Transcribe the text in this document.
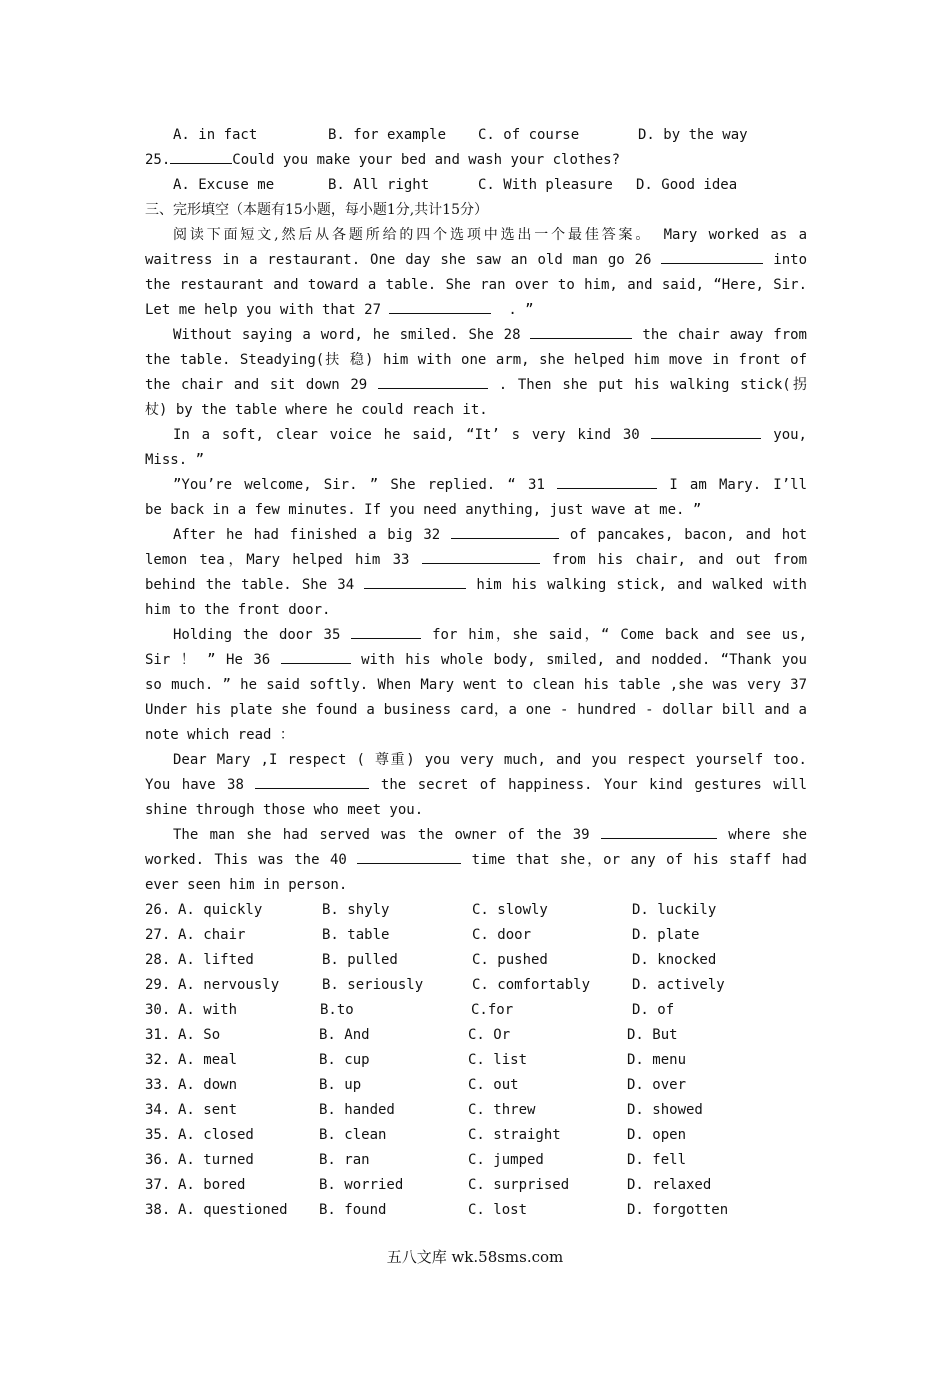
A. in fact

	B. for example

C. of course

	D. by the way

25.	Could you make your bed and wash your clothes?

A. Excuse me

	B. All right

	C. With pleasure

D. Good idea

三、完形填空（本题有15小题，每小题1分,共计15分）
阅读下面短文,然后从各题所给的四个选项中选出一个最佳答案。 Mary worked as a
waitress in a restaurant. One day she saw an old man go 26	into
the restaurant and toward a table. She ran over to him, and said, “Here, Sir.
Let me help you with that 27	. ”
Without saying a word, he smiled. She 28	the chair away from
the table. Steadying(扶 稳) him with one arm, she helped him move in front of
the chair and sit down 29	. Then she put his walking stick(拐
杖) by the table where he could reach it.
In a soft, clear voice he said, “It’ s very kind 30	you,
Miss. ”
”You’re welcome, Sir. ” She replied. “ 31	I am Mary. I’ll
be back in a few minutes. If you need anything, just wave at me. ”
After he had finished a big 32	of pancakes, bacon, and hot
lemon tea，Mary helped him 33	from his chair, and out from
behind the table. She 34	him his walking stick, and walked with
him to the front door.
Holding the door 35	for him，she said，“ Come back and see us,
Sir ！ ” He 36	with his whole body, smiled, and nodded. “Thank you
so much. ” he said softly. When Mary went to clean his table ,she was very 37
Under his plate she found a business card，a one - hundred - dollar bill and a
note which read ：
Dear Mary ,I respect ( 尊重) you very much, and you respect yourself too.
You have 38	the secret of happiness. Your kind gestures will
shine through those who meet you.
The man she had served was the owner of the 39	where she
worked. This was the 40	time that she，or any of his staff had
ever seen him in person.

26.

A. quickly

	B. shyly

	C. slowly

	D. luckily

27.

A. chair

	B. table

	C. door

	D. plate

28.

A. lifted

	B. pulled

	C. pushed

	D. knocked

29.

A. nervously

	B. seriously

	C. comfortably

	D. actively

30.

A. with

	B.to

	C.for

	D. of

31.

A. So

	B. And

	C. Or

	D. But

32.

A. meal

	B. cup

	C. list

	D. menu

33.

A. down

	B. up

	C. out

	D. over

34.

A. sent

	B. handed

	C. threw

	D. showed

35.

A. closed

	B. clean

	C. straight

	D. open

36.

A. turned

	B. ran

	C. jumped

	D. fell

37.

A. bored

	B. worried

	C. surprised

	D. relaxed

38.

A. questioned

B. found

	C. lost

	D. forgotten

五八文库 wk.58sms.com
